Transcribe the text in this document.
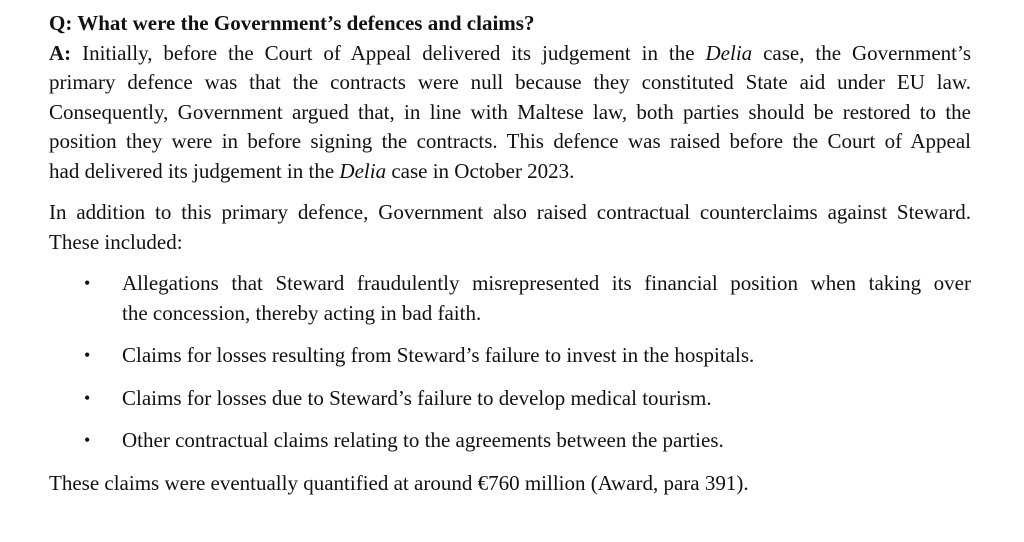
Q: What were the Government’s defences and claims?
A: Initially, before the Court of Appeal delivered its judgement in the Delia case, the Government’s
primary defence was that the contracts were null because they constituted State aid under EU law.
Consequently, Government argued that, in line with Maltese law, both parties should be restored to the
position they were in before signing the contracts. This defence was raised before the Court of Appeal
had delivered its judgement in the Delia case in October 2023.
In addition to this primary defence, Government also raised contractual counterclaims against Steward.
These included:
• Allegations that Steward fraudulently misrepresented its financial position when taking over
the concession, thereby acting in bad faith.
• Claims for losses resulting from Steward’s failure to invest in the hospitals.
• Claims for losses due to Steward’s failure to develop medical tourism.
• Other contractual claims relating to the agreements between the parties.
These claims were eventually quantified at around €760 million (Award, para 391).
